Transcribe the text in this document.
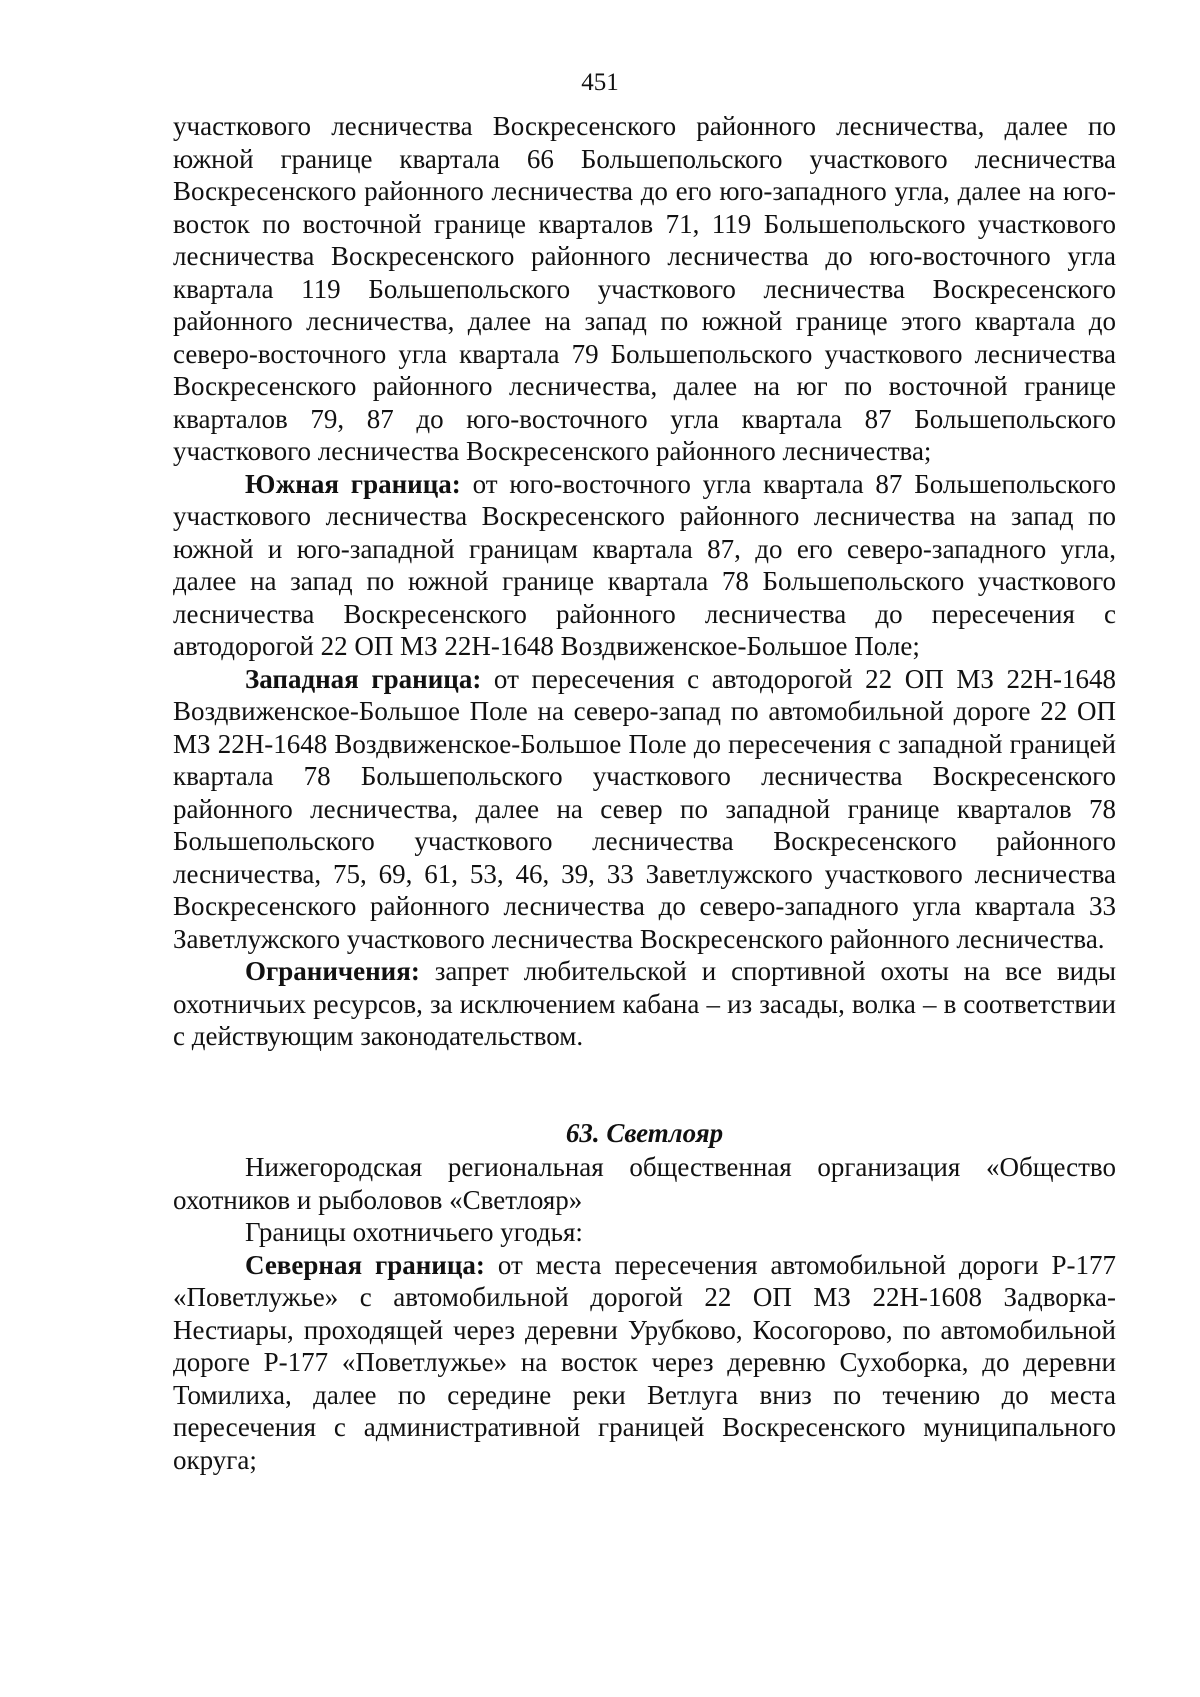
451

участкового лесничества Воскресенского районного лесничества, далее по южной границе квартала 66 Большепольского участкового лесничества Воскресенского районного лесничества до его юго-западного угла, далее на юго-восток по восточной границе кварталов 71, 119 Большепольского участкового лесничества Воскресенского районного лесничества до юго-восточного угла квартала 119 Большепольского участкового лесничества Воскресенского районного лесничества, далее на запад по южной границе этого квартала до северо-восточного угла квартала 79 Большепольского участкового лесничества Воскресенского районного лесничества, далее на юг по восточной границе кварталов 79, 87 до юго-восточного угла квартала 87 Большепольского участкового лесничества Воскресенского районного лесничества;

Южная граница: от юго-восточного угла квартала 87 Большепольского участкового лесничества Воскресенского районного лесничества на запад по южной и юго-западной границам квартала 87, до его северо-западного угла, далее на запад по южной границе квартала 78 Большепольского участкового лесничества Воскресенского районного лесничества до пересечения с автодорогой 22 ОП МЗ 22Н-1648 Воздвиженское-Большое Поле;

Западная граница: от пересечения с автодорогой 22 ОП МЗ 22Н-1648 Воздвиженское-Большое Поле на северо-запад по автомобильной дороге 22 ОП МЗ 22Н-1648 Воздвиженское-Большое Поле до пересечения с западной границей квартала 78 Большепольского участкового лесничества Воскресенского районного лесничества, далее на север по западной границе кварталов 78 Большепольского участкового лесничества Воскресенского районного лесничества, 75, 69, 61, 53, 46, 39, 33 Заветлужского участкового лесничества Воскресенского районного лесничества до северо-западного угла квартала 33 Заветлужского участкового лесничества Воскресенского районного лесничества.

Ограничения: запрет любительской и спортивной охоты на все виды охотничьих ресурсов, за исключением кабана – из засады, волка – в соответствии с действующим законодательством.

63. Светлояр

Нижегородская региональная общественная организация «Общество охотников и рыболовов «Светлояр»

Границы охотничьего угодья:

Северная граница: от места пересечения автомобильной дороги Р-177 «Поветлужье» с автомобильной дорогой 22 ОП МЗ 22Н-1608 Задворка-Нестиары, проходящей через деревни Урубково, Косогорово, по автомобильной дороге Р-177 «Поветлужье» на восток через деревню Сухоборка, до деревни Томилиха, далее по середине реки Ветлуга вниз по течению до места пересечения с административной границей Воскресенского муниципального округа;
